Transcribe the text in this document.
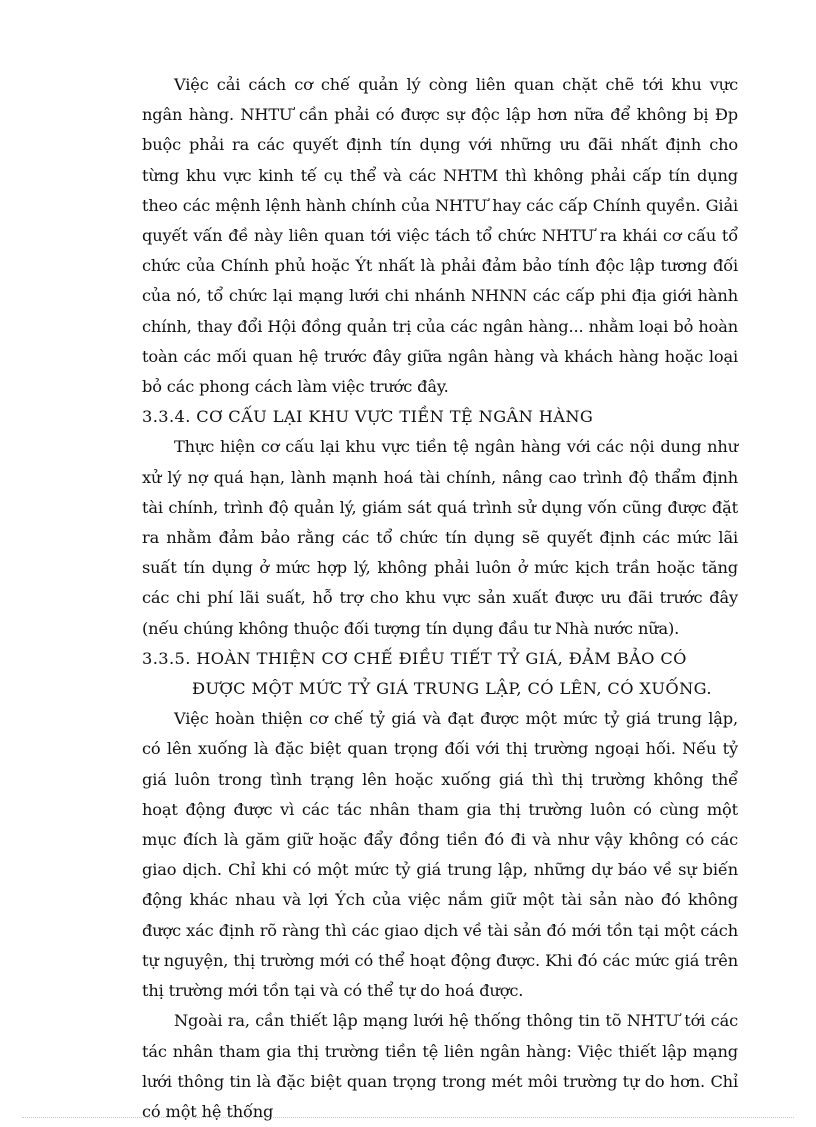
Việc cải cách cơ chế quản lý còng liên quan chặt chẽ tới khu vực ngân hàng. NHTƯ cần phải có được sự độc lập hơn nữa để không bị Ðp buộc phải ra các quyết định tín dụng với những ưu đãi nhất định cho từng khu vực kinh tế cụ thể và các NHTM thì không phải cấp tín dụng theo các mệnh lệnh hành chính của NHTƯ hay các cấp Chính quyền. Giải quyết vấn đề này liên quan tới việc tách tổ chức NHTƯ ra khái cơ cấu tổ chức của Chính phủ hoặc Ýt nhất là phải đảm bảo tính độc lập tương đối của nó, tổ chức lại mạng lưới chi nhánh NHNN các cấp phi địa giới hành chính, thay đổi Hội đồng quản trị của các ngân hàng... nhằm loại bỏ hoàn toàn các mối quan hệ trước đây giữa ngân hàng và khách hàng hoặc loại bỏ các phong cách làm việc trước đây.

3.3.4. CƠ CẤU LẠI KHU VỰC TIỀN TỆ NGÂN HÀNG

Thực hiện cơ cấu lại khu vực tiền tệ ngân hàng với các nội dung như xử lý nợ quá hạn, lành mạnh hoá tài chính, nâng cao trình độ thẩm định tài chính, trình độ quản lý, giám sát quá trình sử dụng vốn cũng được đặt ra nhằm đảm bảo rằng các tổ chức tín dụng sẽ quyết định các mức lãi suất tín dụng ở mức hợp lý, không phải luôn ở mức kịch trần hoặc tăng các chi phí lãi suất, hỗ trợ cho khu vực sản xuất được ưu đãi trước đây (nếu chúng không thuộc đối tượng tín dụng đầu tư Nhà nước nữa).

3.3.5. HOÀN THIỆN CƠ CHẾ ĐIỀU TIẾT TỶ GIÁ, ĐẢM BẢO CÓ ĐƯỢC MỘT MỨC TỶ GIÁ TRUNG LẬP, CÓ LÊN, CÓ XUỐNG.

Việc hoàn thiện cơ chế tỷ giá và đạt được một mức tỷ giá trung lập, có lên xuống là đặc biệt quan trọng đối với thị trường ngoại hối. Nếu tỷ giá luôn trong tình trạng lên hoặc xuống giá thì thị trường không thể hoạt động được vì các tác nhân tham gia thị trường luôn có cùng một mục đích là găm giữ hoặc đẩy đồng tiền đó đi và như vậy không có các giao dịch. Chỉ khi có một mức tỷ giá trung lập, những dự báo về sự biến động khác nhau và lợi Ých của việc nắm giữ một tài sản nào đó không được xác định rõ ràng thì các giao dịch về tài sản đó mới tồn tại một cách tự nguyện, thị trường mới có thể hoạt động được. Khi đó các mức giá trên thị trường mới tồn tại và có thể tự do hoá được.

Ngoài ra, cần thiết lập mạng lưới hệ thống thông tin tõ NHTƯ tới các tác nhân tham gia thị trường tiền tệ liên ngân hàng: Việc thiết lập mạng lưới thông tin là đặc biệt quan trọng trong mét môi trường tự do hơn. Chỉ có một hệ thống
